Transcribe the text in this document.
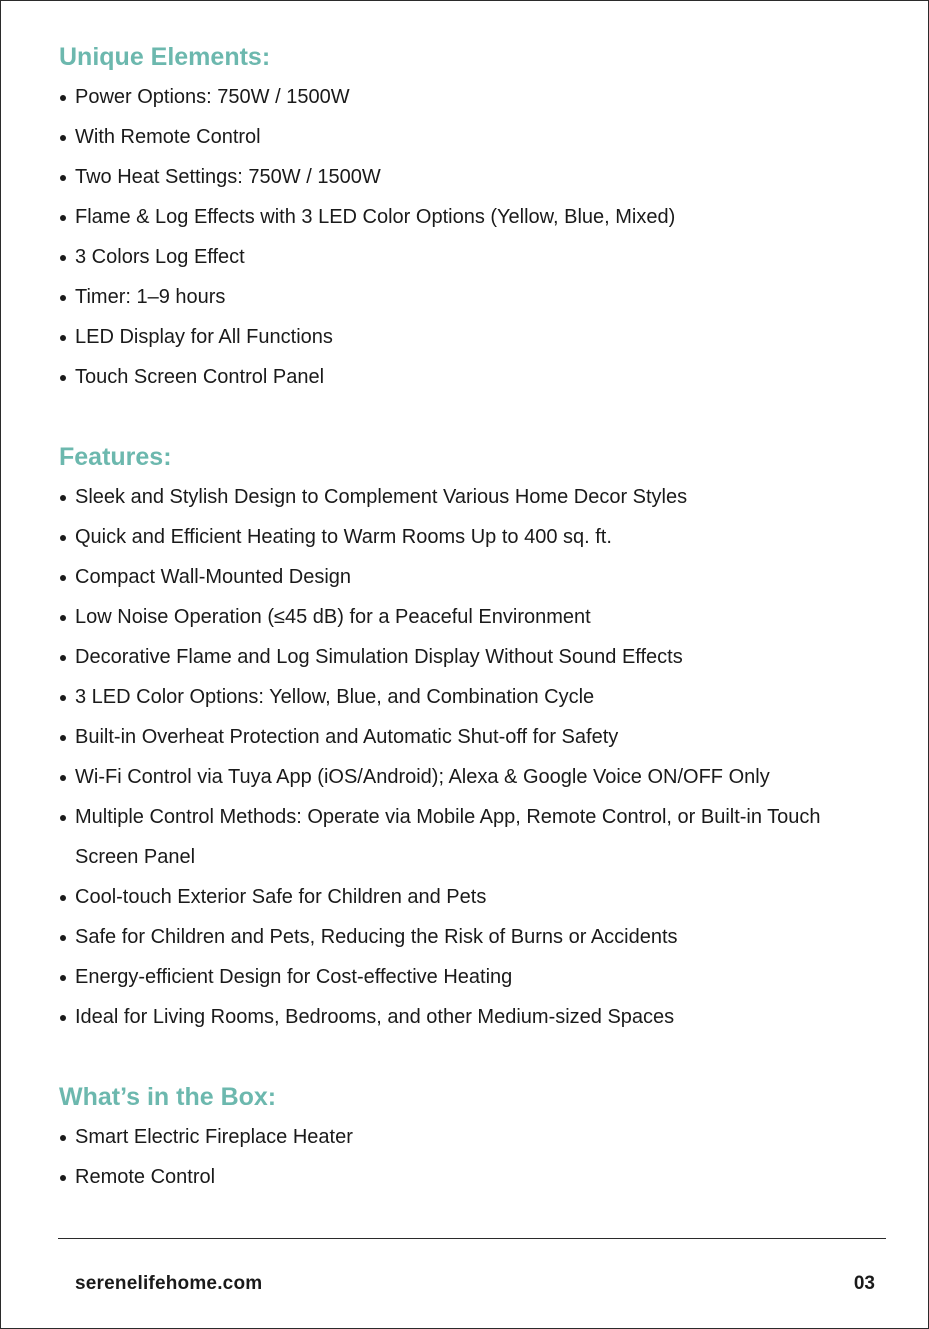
Unique Elements:
Power Options: 750W / 1500W
With Remote Control
Two Heat Settings: 750W / 1500W
Flame & Log Effects with 3 LED Color Options (Yellow, Blue, Mixed)
3 Colors Log Effect
Timer: 1–9 hours
LED Display for All Functions
Touch Screen Control Panel
Features:
Sleek and Stylish Design to Complement Various Home Decor Styles
Quick and Efficient Heating to Warm Rooms Up to 400 sq. ft.
Compact Wall-Mounted Design
Low Noise Operation (≤45 dB) for a Peaceful Environment
Decorative Flame and Log Simulation Display Without Sound Effects
3 LED Color Options: Yellow, Blue, and Combination Cycle
Built-in Overheat Protection and Automatic Shut-off for Safety
Wi-Fi Control via Tuya App (iOS/Android); Alexa & Google Voice ON/OFF Only
Multiple Control Methods: Operate via Mobile App, Remote Control, or Built-in Touch Screen Panel
Cool-touch Exterior Safe for Children and Pets
Safe for Children and Pets, Reducing the Risk of Burns or Accidents
Energy-efficient Design for Cost-effective Heating
Ideal for Living Rooms, Bedrooms, and other Medium-sized Spaces
What’s in the Box:
Smart Electric Fireplace Heater
Remote Control
serenelifehome.com	03
